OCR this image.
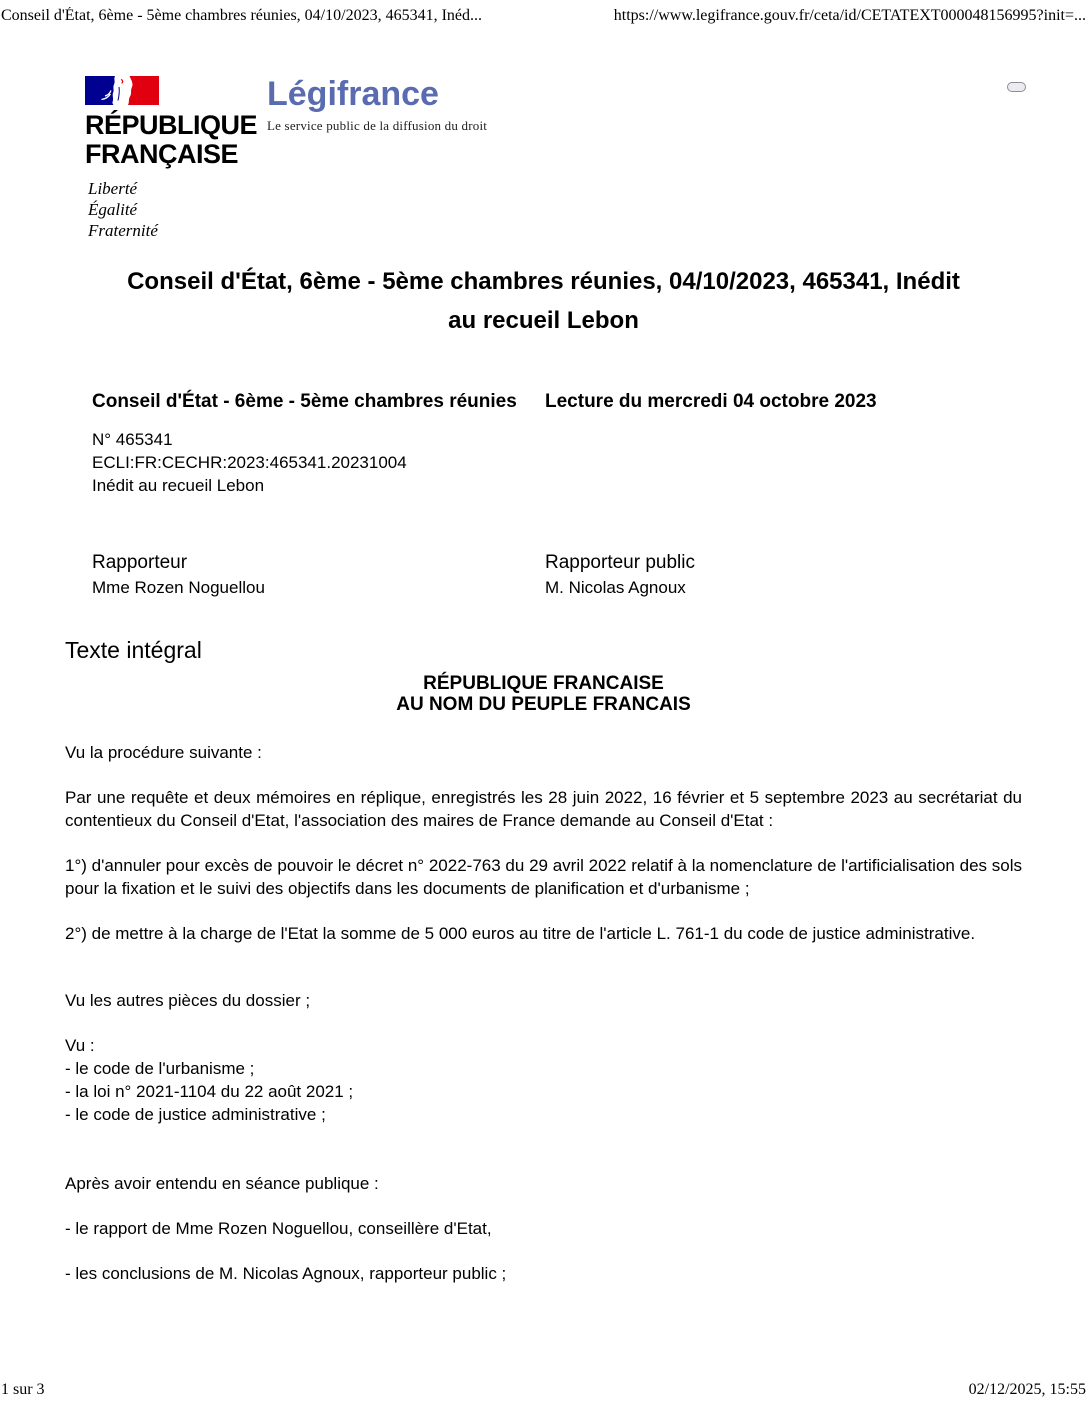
Conseil d'État, 6ème - 5ème chambres réunies, 04/10/2023, 465341, Inéd...	https://www.legifrance.gouv.fr/ceta/id/CETATEXT000048156995?init=...
RÉPUBLIQUE
FRANÇAISE
Liberté
Égalité
Fraternité
Légifrance
Le service public de la diffusion du droit
Conseil d'État, 6ème - 5ème chambres réunies, 04/10/2023, 465341, Inédit
au recueil Lebon
Conseil d'État - 6ème - 5ème chambres réunies Lecture du mercredi 04 octobre 2023
N° 465341
ECLI:FR:CECHR:2023:465341.20231004
Inédit au recueil Lebon
Rapporteur
Mme Rozen Noguellou
Rapporteur public
M. Nicolas Agnoux
Texte intégral
RÉPUBLIQUE FRANCAISE
AU NOM DU PEUPLE FRANCAIS

Vu la procédure suivante :

Par une requête et deux mémoires en réplique, enregistrés les 28 juin 2022, 16 février et 5 septembre 2023 au secrétariat du contentieux du Conseil d'Etat, l'association des maires de France demande au Conseil d'Etat :

1°) d'annuler pour excès de pouvoir le décret n° 2022-763 du 29 avril 2022 relatif à la nomenclature de l'artificialisation des sols pour la fixation et le suivi des objectifs dans les documents de planification et d'urbanisme ;

2°) de mettre à la charge de l'Etat la somme de 5 000 euros au titre de l'article L. 761-1 du code de justice administrative.

Vu les autres pièces du dossier ;

Vu :
- le code de l'urbanisme ;
- la loi n° 2021-1104 du 22 août 2021 ;
- le code de justice administrative ;

Après avoir entendu en séance publique :

- le rapport de Mme Rozen Noguellou, conseillère d'Etat,

- les conclusions de M. Nicolas Agnoux, rapporteur public ;

1 sur 3	02/12/2025, 15:55
